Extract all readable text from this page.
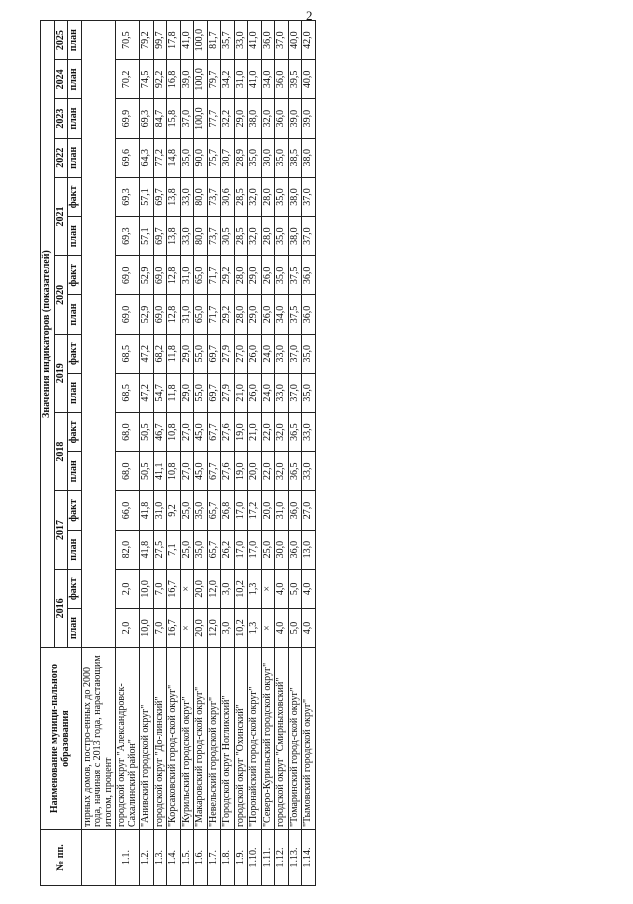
2
№ пп.	Наименование муници-пального образования	Значения индикаторов (показателей)															
		2016		2017		2018		2019		2020		2021		2022	2023	2024	2025
		план	факт	план	факт	план	факт	план	факт	план	факт	план	факт	план	план	план	план
	тирных домов, постро-енных до 2000 года, начиная с 2013 года, нарастающим итогом, процент																
1.1.	городской округ "Александровск-Сахалинский район"	2,0	2,0	82,0	66,0	68,0	68,0	68,5	68,5	69,0	69,0	69,3	69,3	69,6	69,9	70,2	70,5
1.2.	"Анивский городской округ"	10,0	10,0	41,8	41,8	50,5	50,5	47,2	47,2	52,9	52,9	57,1	57,1	64,3	69,3	74,5	79,2
1.3.	городской округ "До-линский"	7,0	7,0	27,5	31,0	41,1	46,7	54,7	68,2	69,0	69,0	69,7	69,7	77,2	84,7	92,2	99,7
1.4.	"Корсаковский город-ской округ"	16,7	16,7	7,1	9,2	10,8	10,8	11,8	11,8	12,8	12,8	13,8	13,8	14,8	15,8	16,8	17,8
1.5.	"Курильский городской округ"	×	×	25,0	25,0	27,0	27,0	29,0	29,0	31,0	31,0	33,0	33,0	35,0	37,0	39,0	41,0
1.6.	"Макаровский город-ской округ"	20,0	20,0	35,0	35,0	45,0	45,0	55,0	55,0	65,0	65,0	80,0	80,0	90,0	100,0	100,0	100,0
1.7.	"Невельский городской округ"	12,0	12,0	65,7	65,7	67,7	67,7	69,7	69,7	71,7	71,7	73,7	73,7	75,7	77,7	79,7	81,7
1.8.	"Городской округ Ногликский"	3,0	3,0	26,2	26,8	27,6	27,6	27,9	27,9	29,2	29,2	30,5	30,6	30,7	32,2	34,2	35,7
1.9.	городской округ "Охинский"	10,2	10,2	17,0	17,0	19,0	19,0	21,0	27,0	28,0	28,0	28,5	28,5	28,9	29,0	31,0	33,0
1.10.	"Поронайский город-ской округ"	1,3	1,3	17,0	17,2	20,0	21,0	26,0	26,0	29,0	29,0	32,0	32,0	35,0	38,0	41,0	41,0
1.11.	"Северо-Курильский городской округ"	×	×	25,0	20,0	22,0	22,0	24,0	24,0	26,0	26,0	28,0	28,0	30,0	32,0	34,0	36,0
1.12.	городской округ "Смирныховский"	4,0	4,0	30,0	31,0	32,0	32,0	33,0	33,0	34,0	35,0	35,0	35,0	35,0	36,0	36,0	37,0
1.13.	"Томаринский город-ской округ"	5,0	5,0	36,0	36,0	36,5	36,5	37,0	37,0	37,5	37,5	38,0	38,0	38,5	39,0	39,5	40,0
1.14.	"Тымовский городской округ"	4,0	4,0	13,0	27,0	33,0	33,0	35,0	35,0	36,0	36,0	37,0	37,0	38,0	39,0	40,0	42,0
